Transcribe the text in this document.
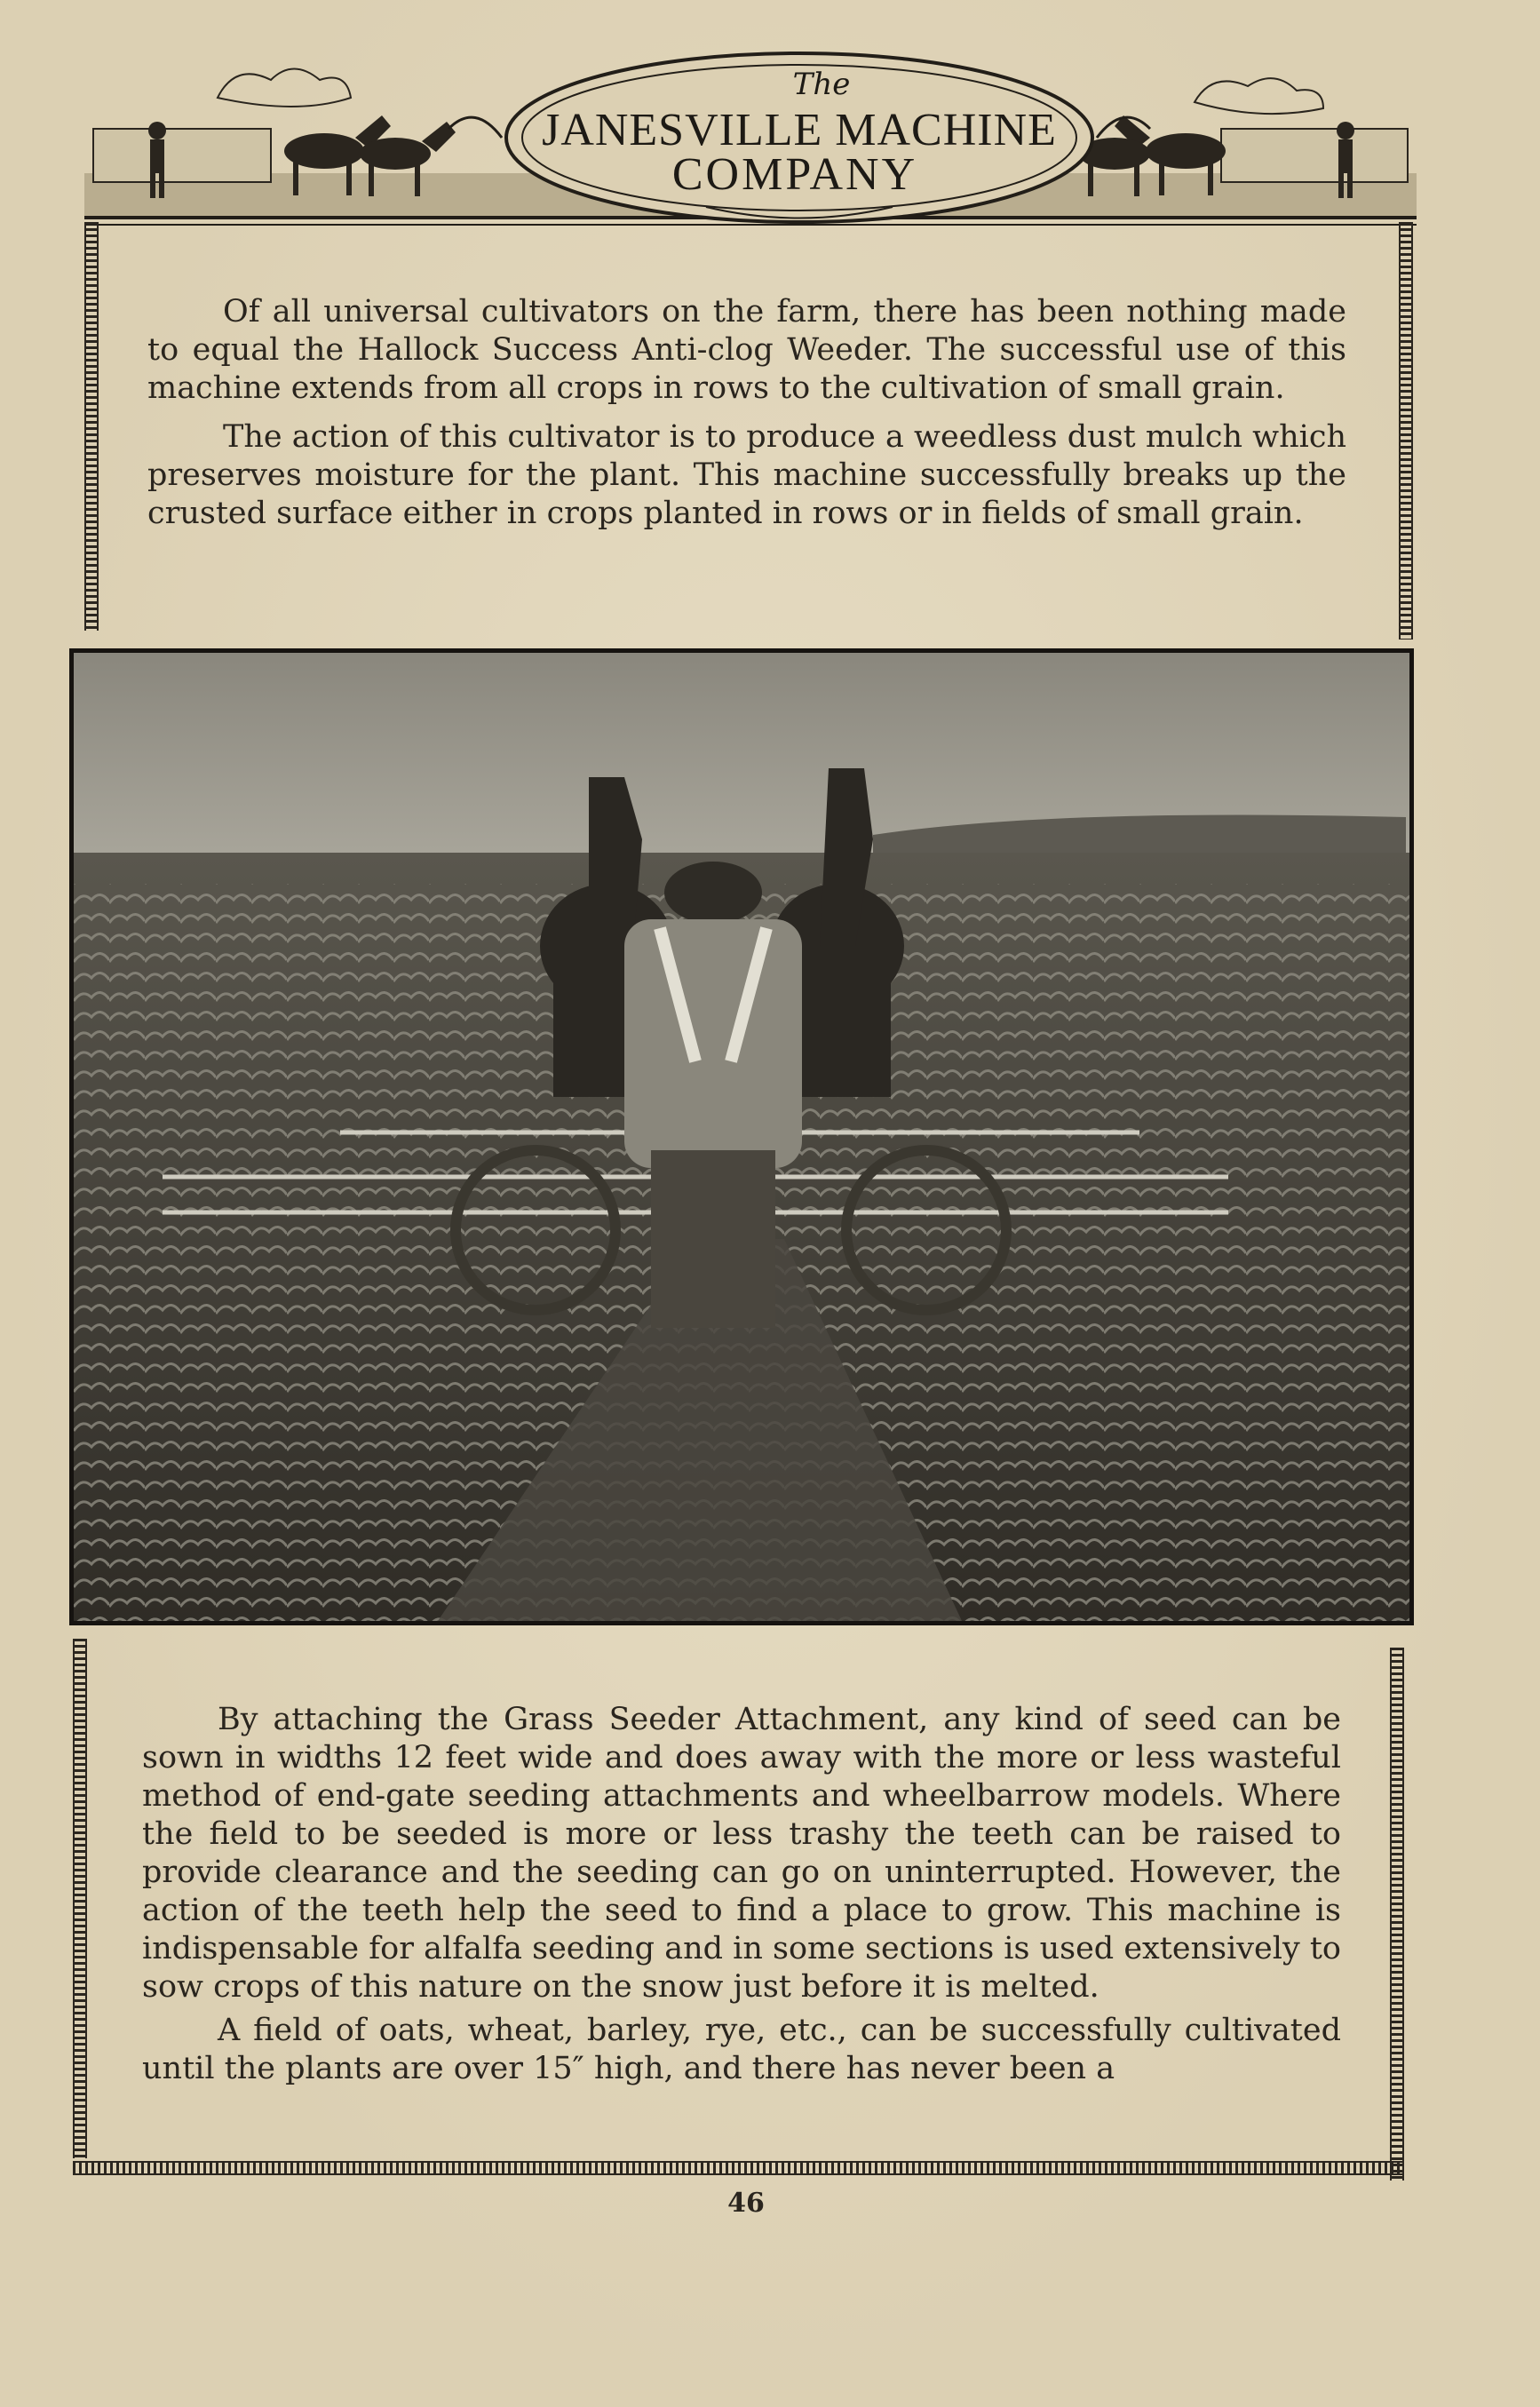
The
JANESVILLE MACHINE
COMPANY

Of all universal cultivators on the farm, there has been nothing made to equal the Hallock Success Anti-clog Weeder. The successful use of this machine extends from all crops in rows to the cultivation of small grain.

The action of this cultivator is to produce a weedless dust mulch which preserves moisture for the plant. This machine successfully breaks up the crusted surface either in crops planted in rows or in fields of small grain.

By attaching the Grass Seeder Attachment, any kind of seed can be sown in widths 12 feet wide and does away with the more or less wasteful method of end-gate seeding attachments and wheelbarrow models. Where the field to be seeded is more or less trashy the teeth can be raised to provide clearance and the seeding can go on uninterrupted. However, the action of the teeth help the seed to find a place to grow. This machine is indispensable for alfalfa seeding and in some sections is used extensively to sow crops of this nature on the snow just before it is melted.

A field of oats, wheat, barley, rye, etc., can be successfully cultivated until the plants are over 15″ high, and there has never been a

46
